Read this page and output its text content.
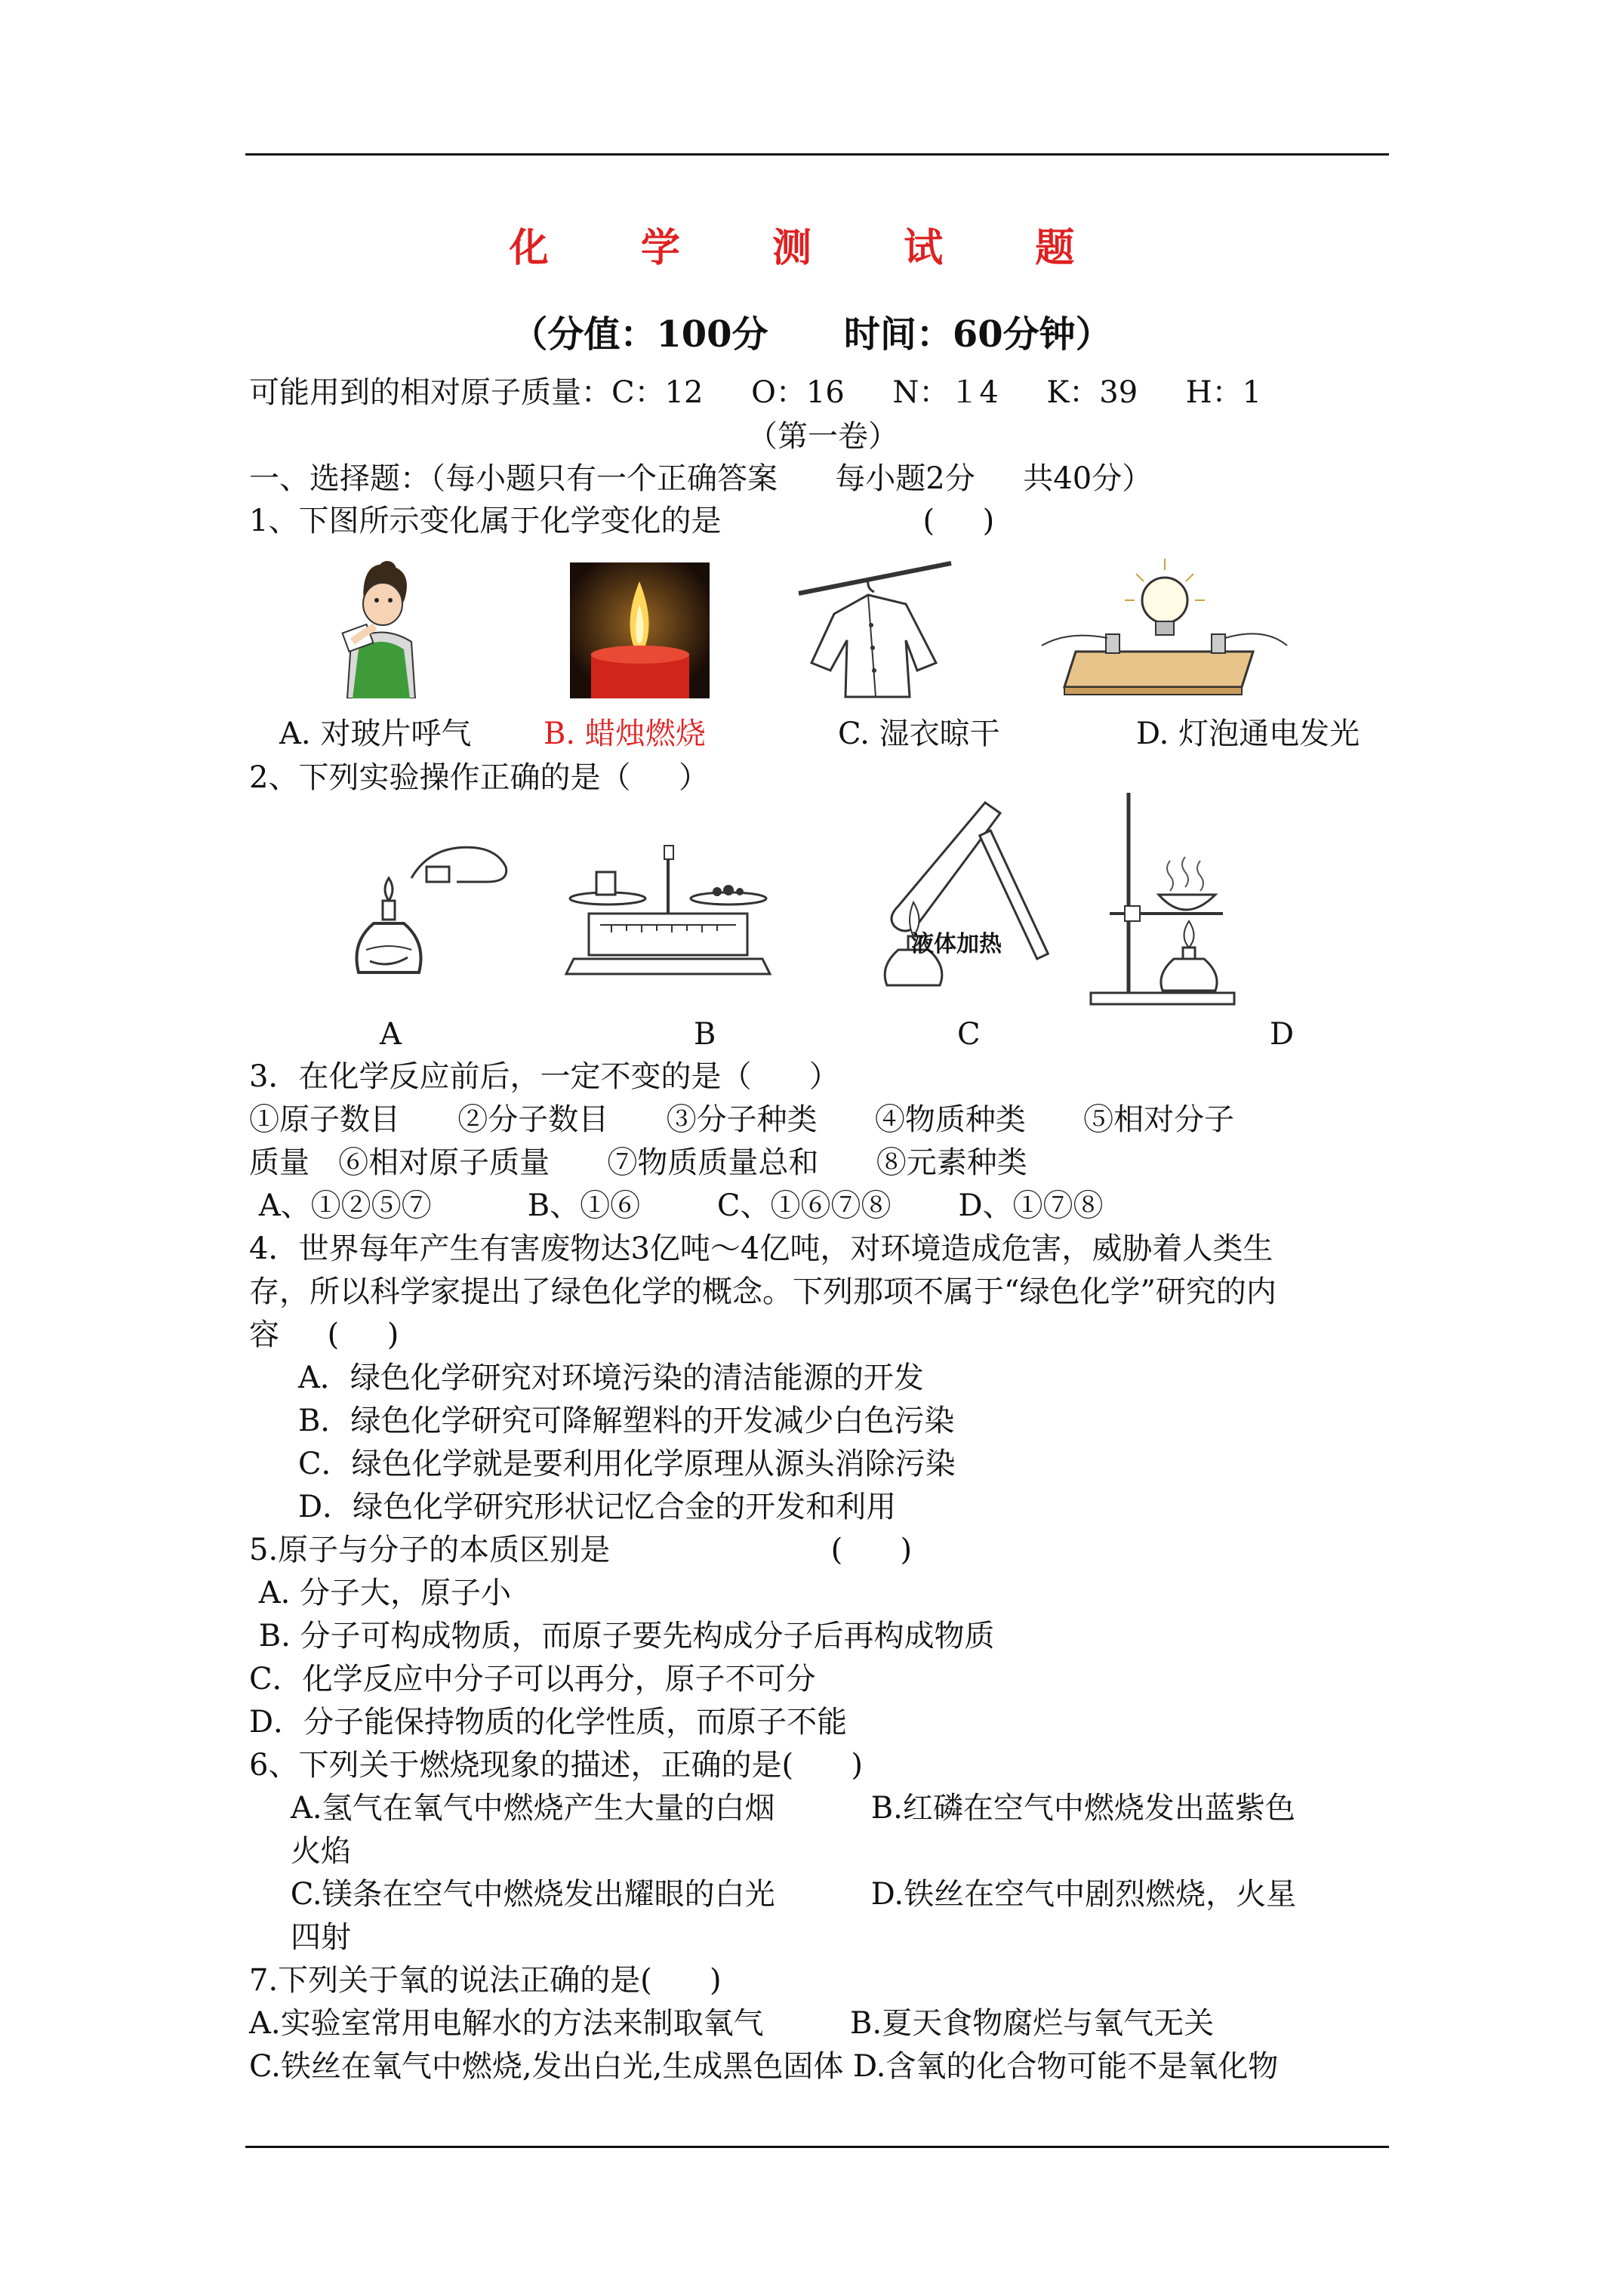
化 学 测 试 题
（分值：100分      时间：60分钟）
可能用到的相对原子质量：C：12     O：16     N：１4     K：39     H：1
（第一卷）
一、选择题：（每小题只有一个正确答案      每小题2分     共40分）
1、下图所示变化属于化学变化的是                     (     )
A. 对玻片呼气 B. 蜡烛燃烧	C. 湿衣晾干	D. 灯泡通电发光
2、下列实验操作正确的是（     ）
液体加热
A	B	C	D
3．在化学反应前后，一定不变的是（      ）
①原子数目      ②分子数目      ③分子种类      ④物质种类      ⑤相对分子
质量   ⑥相对原子质量      ⑦物质质量总和      ⑧元素种类
A、①②⑤⑦          B、①⑥        C、①⑥⑦⑧       D、①⑦⑧
4．世界每年产生有害废物达3亿吨～4亿吨，对环境造成危害，威胁着人类生
存，所以科学家提出了绿色化学的概念。下列那项不属于“绿色化学”研究的内
容     (     )
A．绿色化学研究对环境污染的清洁能源的开发
B．绿色化学研究可降解塑料的开发减少白色污染
C．绿色化学就是要利用化学原理从源头消除污染
D．绿色化学研究形状记忆合金的开发和利用
5.原子与分子的本质区别是                       (      )
A. 分子大，原子小
B. 分子可构成物质，而原子要先构成分子后再构成物质
C．化学反应中分子可以再分，原子不可分
D．分子能保持物质的化学性质，而原子不能
6、下列关于燃烧现象的描述，正确的是(      )
A.氢气在氧气中燃烧产生大量的白烟          B.红磷在空气中燃烧发出蓝紫色
火焰
C.镁条在空气中燃烧发出耀眼的白光          D.铁丝在空气中剧烈燃烧，火星
四射
7.下列关于氧的说法正确的是(      )
A.实验室常用电解水的方法来制取氧气         B.夏天食物腐烂与氧气无关
C.铁丝在氧气中燃烧,发出白光,生成黑色固体 D.含氧的化合物可能不是氧化物
